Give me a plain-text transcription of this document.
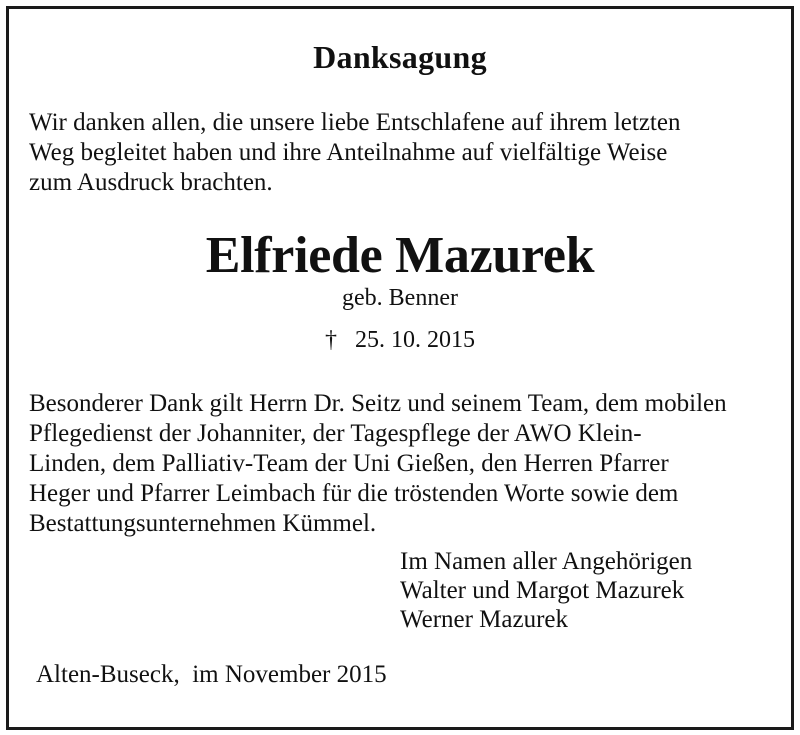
Danksagung

Wir danken allen, die unsere liebe Entschlafene auf ihrem letzten

Weg begleitet haben und ihre Anteilnahme auf vielfältige Weise

zum Ausdruck brachten.

Elfriede Mazurek
geb. Benner
† 25. 10. 2015

Besonderer Dank gilt Herrn Dr. Seitz und seinem Team, dem mobilen

Pflegedienst der Johanniter, der Tagespflege der AWO Klein-

Linden, dem Palliativ-Team der Uni Gießen, den Herren Pfarrer

Heger und Pfarrer Leimbach für die tröstenden Worte sowie dem

Bestattungsunternehmen Kümmel.

Im Namen aller Angehörigen
Walter und Margot Mazurek
Werner Mazurek
Alten-Buseck,  im November 2015
